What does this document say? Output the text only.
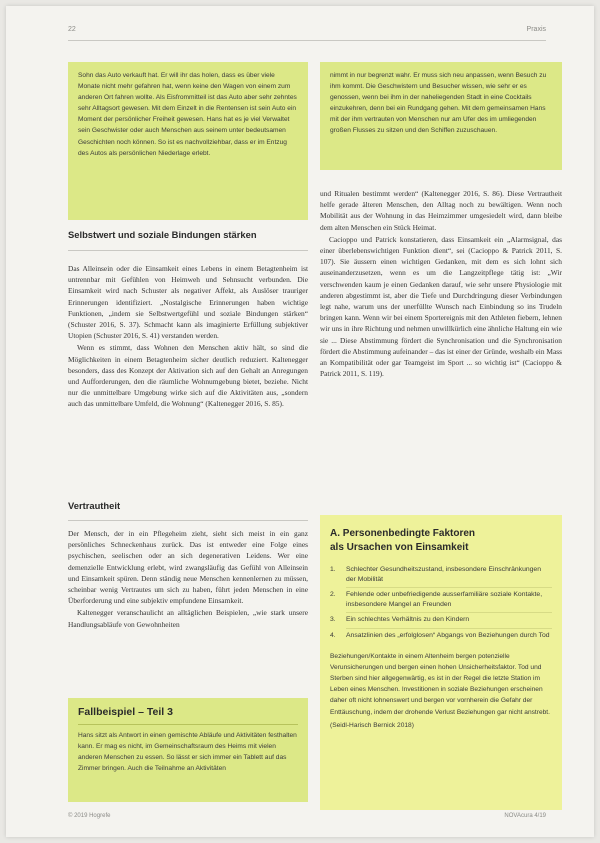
22	Praxis

Sohn das Auto verkauft hat. Er will ihr das holen, dass es über viele Monate nicht mehr gefahren hat, wenn keine den Wagen von einem zum anderen Ort fahren wollte. Als Eisfrommitteil ist das Auto aber sehr zehntes sehr Alltagsort gewesen. Mit dem Einzelt in die Rentensen ist sein Auto ein Moment der persönlicher Freiheit gewesen. Hans hat es je viel Verwaltet sein Geschwister oder auch Menschen aus seinem unter bedeutsamen Geschichten noch können. So ist es nachvollziehbar, dass er im Entzug des Autos als persönlichen Niederlage erlebt.

nimmt in nur begrenzt wahr. Er muss sich neu anpassen, wenn Besuch zu ihm kommt. Die Geschwistern und Besucher wissen, wie sehr er es genossen, wenn bei ihm in der naheliegenden Stadt in eine Cocktails einzukehren, denn bei ein Rundgang gehen. Mit dem gemeinsamen Hans mit der ihm vertrauten von Menschen nur am Ufer des im umliegenden großen Flusses zu sitzen und den Schiffen zuzuschauen.

Selbstwert und soziale Bindungen stärken

Das Alleinsein oder die Einsamkeit eines Lebens in einem Betagtenheim ist untrennbar mit Gefühlen von Heimweh und Sehnsucht verbunden. Die Einsamkeit wird nach Schuster als negativer Affekt, als Auslöser trauriger Erinnerungen identifiziert. „Nostalgische Erinnerungen haben wichtige Funktionen, „indem sie Selbstwertgefühl und soziale Bindungen stärken“ (Schuster 2016, S. 37). Schmacht kann als imaginierte Erfüllung subjektiver Utopien (Schuster 2016, S. 41) verstanden werden.

Wenn es stimmt, dass Wohnen den Menschen aktiv hält, so sind die Möglichkeiten in einem Betagtenheim sicher deutlich reduziert. Kaltenegger besonders, dass des Konzept der Aktivation sich auf den Gehalt an Anregungen und Aufforderungen, den die räumliche Wohnumgebung bietet, beziehe. Nicht nur die unmittelbare Umgebung wirke sich auf die Aktivitäten aus, „sondern auch das unmittelbare Umfeld, die Wohnung“ (Kaltenegger 2016, S. 85).

und Ritualen bestimmt werden“ (Kaltenegger 2016, S. 86). Diese Vertrautheit helfe gerade älteren Menschen, den Alltag noch zu bewältigen. Wenn noch Mobilität aus der Wohnung in das Heimzimmer umgesiedelt wird, dann bleibe dem alten Menschen ein Stück Heimat.

Cacioppo und Patrick konstatieren, dass Einsamkeit ein „Alarmsignal, das einer überlebenswichtigen Funktion dient“, sei (Cacioppo & Patrick 2011, S. 107). Sie äussern einen wichtigen Gedanken, mit dem es sich lohnt sich auseinanderzusetzen, wenn es um die Langzeitpflege tätig ist: „Wir verschwenden kaum je einen Gedanken darauf, wie sehr unsere Physiologie mit anderen abgestimmt ist, aber die Tiefe und Durchdringung dieser Verbindungen legt nahe, warum uns der unerfüllte Wunsch nach Einbindung so ins Trudeln bringen kann. Wenn wir bei einem Sportereignis mit den Athleten fiebern, lehnen wir uns in ihre Richtung und nehmen unwillkürlich eine ähnliche Haltung ein wie sie ... Diese Abstimmung fördert die Synchronisation und die Synchronisation fördert die Abstimmung aufeinander – das ist einer der Gründe, weshalb ein Mass an Kompatibilität oder gar Teamgeist im Sport ... so wichtig ist“ (Cacioppo & Patrick 2011, S. 119).

Vertrautheit

Der Mensch, der in ein Pflegeheim zieht, sieht sich meist in ein ganz persönliches Schneckenhaus zurück. Das ist entweder eine Folge eines psychischen, seelischen oder an sich degenerativen Leidens. Wer eine demenzielle Entwicklung erlebt, wird zwangsläufig das Gefühl von Alleinsein und Einsamkeit spüren. Denn ständig neue Menschen kennenlernen zu müssen, scheinbar wenig Vertrautes um sich zu haben, führt jeden Menschen in eine Überforderung und eine subjektiv empfundene Einsamkeit.

Kaltenegger veranschaulicht an alltäglichen Beispielen, „wie stark unsere Handlungsabläufe von Gewohnheiten

Fallbeispiel – Teil 3

Hans sitzt als Antwort in einen gemischte Abläufe und Aktivitäten festhalten kann. Er mag es nicht, im Gemeinschaftsraum des Heims mit vielen anderen Menschen zu essen. So lässt er sich immer ein Tablett auf das Zimmer bringen. Auch die Teilnahme an Aktivitäten

A. Personenbedingte Faktoren
als Ursachen von Einsamkeit
1. Schlechter Gesundheitszustand, insbesondere Einschränkungen der Mobilität
2. Fehlende oder unbefriedigende ausserfamiliäre soziale Kontakte, insbesondere Mangel an Freunden
3. Ein schlechtes Verhältnis zu den Kindern
4. Ansatzlinien des „erfolglosen“ Abgangs von Beziehungen durch Tod
Beziehungen/Kontakte in einem Altenheim bergen potenzielle Verunsicherungen und bergen einen hohen Unsicherheitsfaktor. Tod und Sterben sind hier allgegenwärtig, es ist in der Regel die letzte Station im Leben eines Menschen. Investitionen in soziale Beziehungen erscheinen daher oft nicht lohnenswert und bergen vor vornherein die Gefahr der Enttäuschung, indem der drohende Verlust Beziehungen gar nicht anstrebt.
(Seidl-Harisch Bernick 2018)
© 2019 Hogrefe	NOVAcura 4/19
